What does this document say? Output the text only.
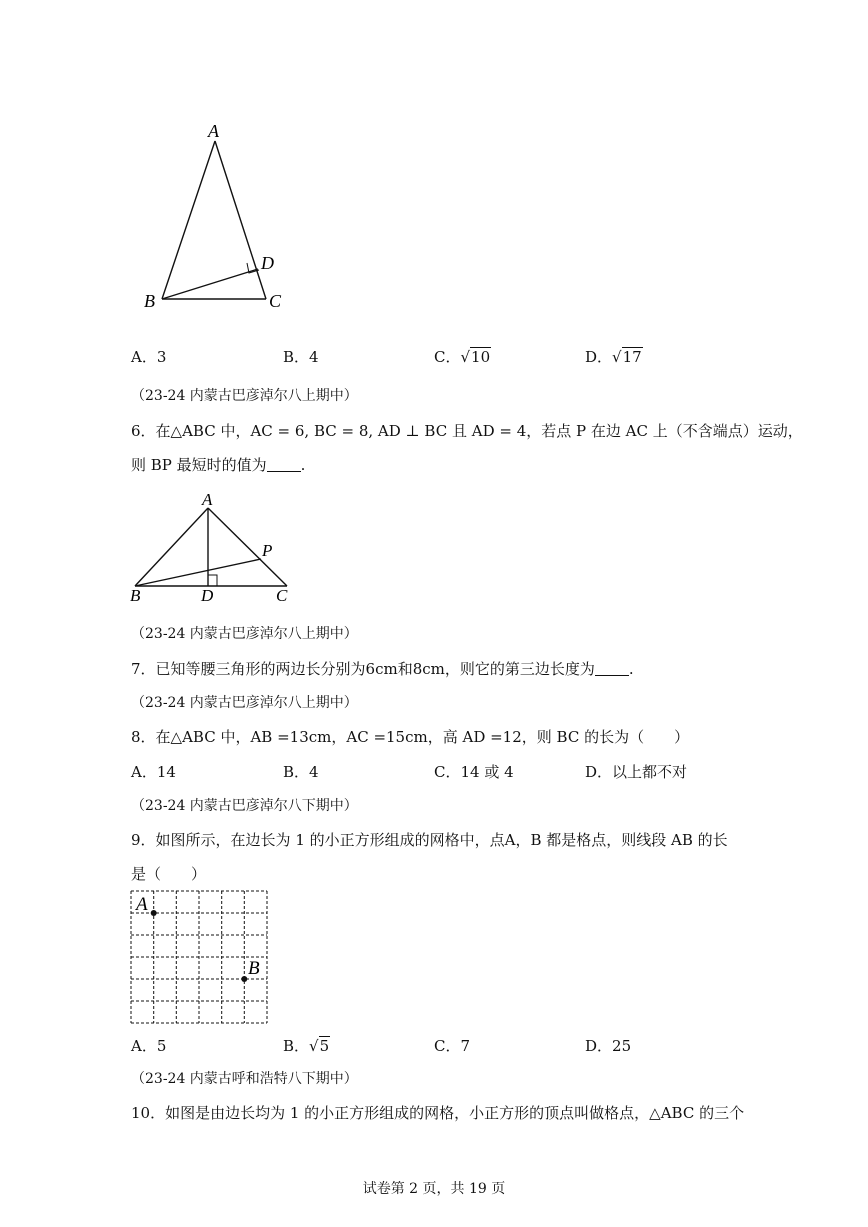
A
B	C
D
A．3	B．4	C．√10	D．√17
（23-24 内蒙古巴彦淖尔八上期中）
6．在△ABC 中，AC = 6, BC = 8, AD ⊥ BC 且 AD = 4，若点 P 在边 AC 上（不含端点）运动，
则 BP 最短时的值为 .
A
B	D	C
P
（23-24 内蒙古巴彦淖尔八上期中）
7．已知等腰三角形的两边长分别为6cm和8cm，则它的第三边长度为 .
（23-24 内蒙古巴彦淖尔八上期中）
8．在△ABC 中，AB =13cm，AC =15cm，高 AD =12，则 BC 的长为（　　）
A．14	B．4	C．14 或 4	D．以上都不对
（23-24 内蒙古巴彦淖尔八下期中）
9．如图所示，在边长为 1 的小正方形组成的网格中，点A，B 都是格点，则线段 AB 的长
是（　　）
A
B
A．5	B．√5	C．7	D．25
（23-24 内蒙古呼和浩特八下期中）
10．如图是由边长均为 1 的小正方形组成的网格，小正方形的顶点叫做格点，△ABC 的三个
试卷第 2 页，共 19 页
